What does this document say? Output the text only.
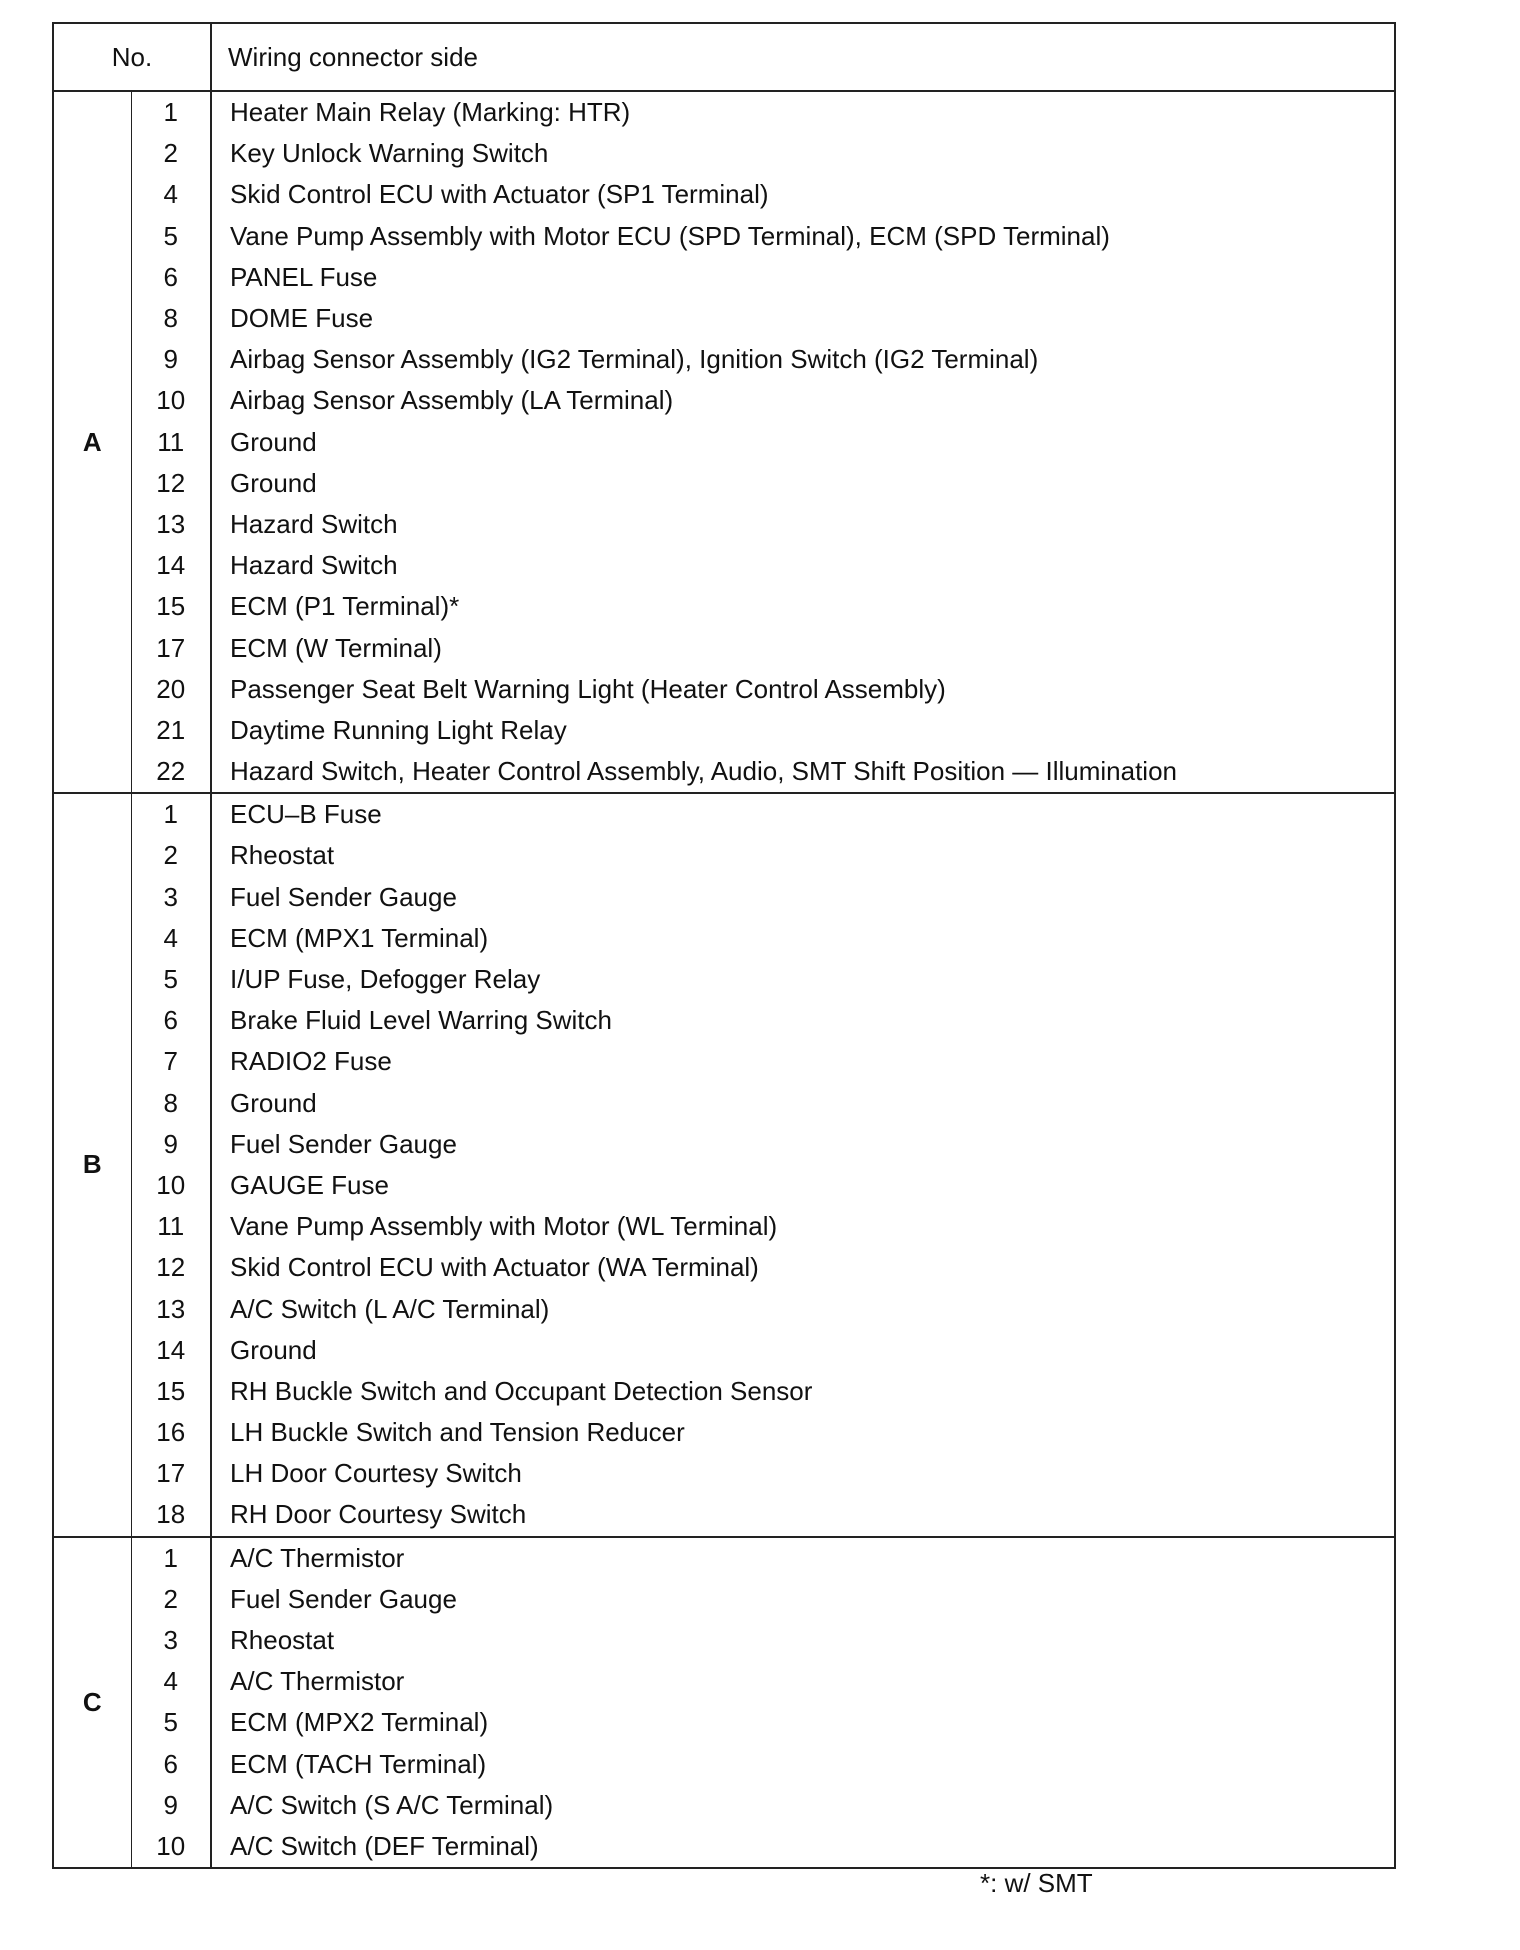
No.		Wiring connector side
A	1	Heater Main Relay (Marking: HTR)
	2	Key Unlock Warning Switch
	4	Skid Control ECU with Actuator (SP1 Terminal)
	5	Vane Pump Assembly with Motor ECU (SPD Terminal), ECM (SPD Terminal)
	6	PANEL Fuse
	8	DOME Fuse
	9	Airbag Sensor Assembly (IG2 Terminal), Ignition Switch (IG2 Terminal)
	10	Airbag Sensor Assembly (LA Terminal)
	11	Ground
	12	Ground
	13	Hazard Switch
	14	Hazard Switch
	15	ECM (P1 Terminal)*
	17	ECM (W Terminal)
	20	Passenger Seat Belt Warning Light (Heater Control Assembly)
	21	Daytime Running Light Relay
	22	Hazard Switch, Heater Control Assembly, Audio, SMT Shift Position — Illumination
B	1	ECU–B Fuse
	2	Rheostat
	3	Fuel Sender Gauge
	4	ECM (MPX1 Terminal)
	5	I/UP Fuse, Defogger Relay
	6	Brake Fluid Level Warring Switch
	7	RADIO2 Fuse
	8	Ground
	9	Fuel Sender Gauge
	10	GAUGE Fuse
	11	Vane Pump Assembly with Motor (WL Terminal)
	12	Skid Control ECU with Actuator (WA Terminal)
	13	A/C Switch (L A/C Terminal)
	14	Ground
	15	RH Buckle Switch and Occupant Detection Sensor
	16	LH Buckle Switch and Tension Reducer
	17	LH Door Courtesy Switch
	18	RH Door Courtesy Switch
C	1	A/C Thermistor
	2	Fuel Sender Gauge
	3	Rheostat
	4	A/C Thermistor
	5	ECM (MPX2 Terminal)
	6	ECM (TACH Terminal)
	9	A/C Switch (S A/C Terminal)
	10	A/C Switch (DEF Terminal)
*: w/ SMT
